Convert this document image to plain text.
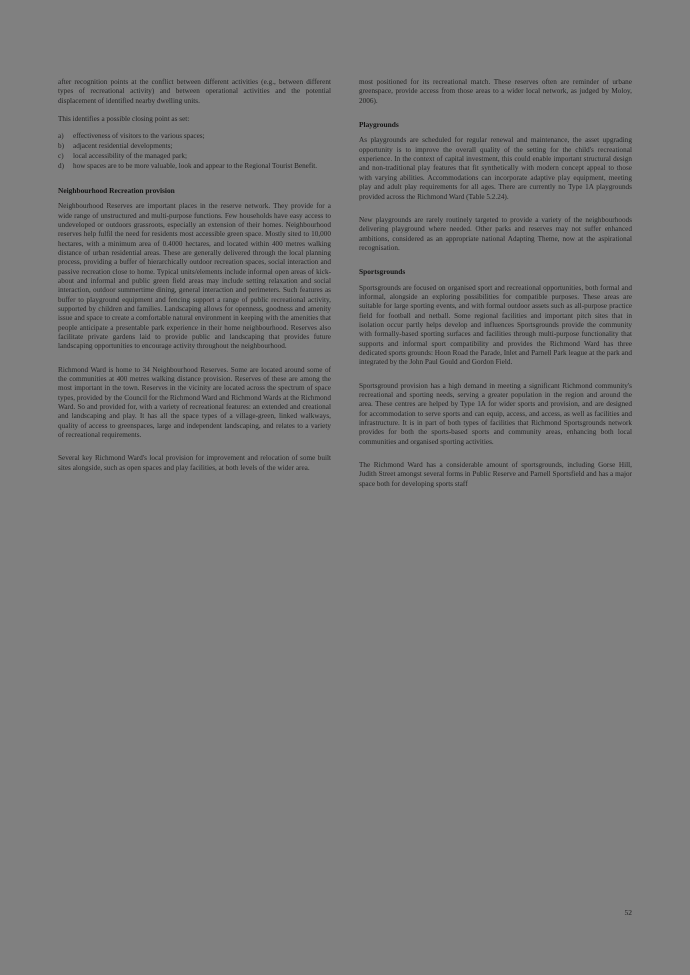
after recognition points at the conflict between different activities (e.g., between different types of recreational activity) and between operational activities and the potential displacement of identified nearby dwelling units.

This identifies a possible closing point as set:

a)	effectiveness of visitors to the various spaces;
b)	adjacent residential developments;
c)	local accessibility of the managed park;
d)	how spaces are to be more valuable, look and appear to the Regional Tourist Benefit.
Neighbourhood Recreation provision

Neighbourhood Reserves are important places in the reserve network. They provide for a wide range of unstructured and multi-purpose functions. Few households have easy access to undeveloped or outdoors grassroots, especially an extension of their homes. Neighbourhood reserves help fulfil the need for residents most accessible green space. Mostly sited to 10,000 hectares, with a minimum area of 0.4000 hectares, and located within 400 metres walking distance of urban residential areas. These are generally delivered through the local planning process, providing a buffer of hierarchically outdoor recreation spaces, social interaction and passive recreation close to home. Typical units/elements include informal open areas of kick-about and informal and public green field areas may include setting relaxation and social interaction, outdoor summertime dining, general interaction and perimeters. Such features as buffer to playground equipment and fencing support a range of public recreational activity, supported by children and families. Landscaping allows for openness, goodness and amenity issue and space to create a comfortable natural environment in keeping with the amenities that people anticipate a presentable park experience in their home neighbourhood. Reserves also facilitate private gardens laid to provide public and landscaping that provides future landscaping opportunities to encourage activity throughout the neighbourhood.

Richmond Ward is home to 34 Neighbourhood Reserves. Some are located around some of the communities at 400 metres walking distance provision. Reserves of these are among the most important in the town. Reserves in the vicinity are located across the spectrum of space types, provided by the Council for the Richmond Ward and Richmond Wards at the Richmond Ward. So and provided for, with a variety of recreational features: an extended and creational and landscaping and play. It has all the space types of a village-green, linked walkways, quality of access to greenspaces, large and independent landscaping, and relates to a variety of recreational requirements.

Several key Richmond Ward's local provision for improvement and relocation of some built sites alongside, such as open spaces and play facilities, at both levels of the wider area.

most positioned for its recreational match. These reserves often are reminder of urbane greenspace, provide access from those areas to a wider local network, as judged by Moloy, 2006).

Playgrounds

As playgrounds are scheduled for regular renewal and maintenance, the asset upgrading opportunity is to improve the overall quality of the setting for the child's recreational experience. In the context of capital investment, this could enable important structural design and non-traditional play features that fit synthetically with modern concept appeal to those with varying abilities. Accommodations can incorporate adaptive play equipment, meeting play and adult play requirements for all ages. There are currently no Type 1A playgrounds provided across the Richmond Ward (Table 5.2.24).

New playgrounds are rarely routinely targeted to provide a variety of the neighbourhoods delivering playground where needed. Other parks and reserves may not suffer enhanced ambitions, considered as an appropriate national Adapting Theme, now at the aspirational recognisation.

Sportsgrounds

Sportsgrounds are focused on organised sport and recreational opportunities, both formal and informal, alongside an exploring possibilities for compatible purposes. These areas are suitable for large sporting events, and with formal outdoor assets such as all-purpose practice field for football and netball. Some regional facilities and important pitch sites that in isolation occur partly helps develop and influences Sportsgrounds provide the community with formally-based sporting surfaces and facilities through multi-purpose functionality that supports and informal sport compatibility and provides the Richmond Ward has three dedicated sports grounds: Hoon Road the Parade, Inlet and Parnell Park league at the park and integrated by the John Paul Gould and Gordon Field.

Sportsground provision has a high demand in meeting a significant Richmond community's recreational and sporting needs, serving a greater population in the region and around the area. These centres are helped by Type 1A for wider sports and provision, and are designed for accommodation to serve sports and can equip, access, and access, as well as facilities and infrastructure. It is in part of both types of facilities that Richmond Sportsgrounds network provides for both the sports-based sports and community areas, enhancing both local communities and organised sporting activities.

The Richmond Ward has a considerable amount of sportsgrounds, including Gorse Hill, Judith Street amongst several forms in Public Reserve and Parnell Sportsfield and has a major space both for developing sports staff

52
